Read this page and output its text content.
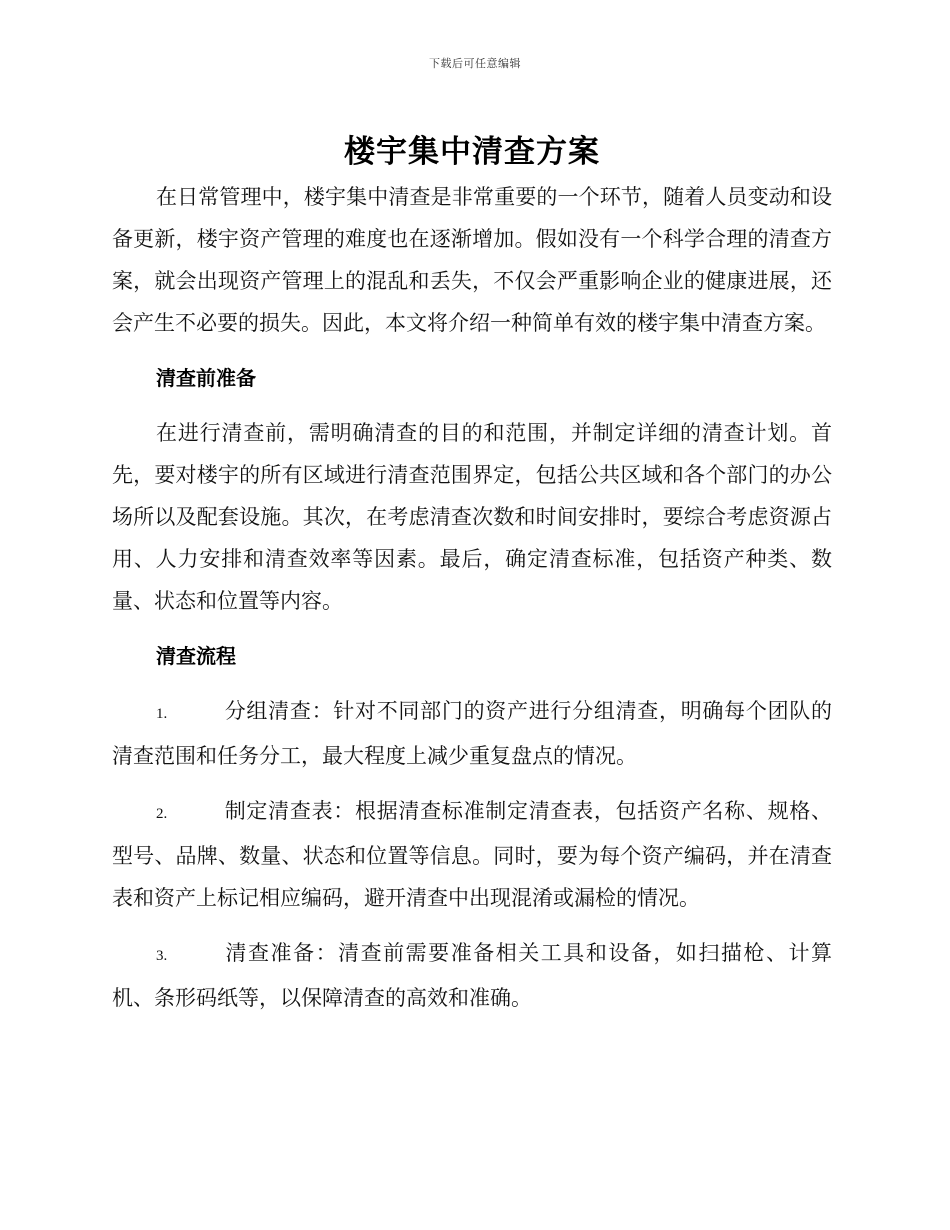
下载后可任意编辑
楼宇集中清查方案

在日常管理中，楼宇集中清查是非常重要的一个环节，随着人员变动和设备更新，楼宇资产管理的难度也在逐渐增加。假如没有一个科学合理的清查方案，就会出现资产管理上的混乱和丢失，不仅会严重影响企业的健康进展，还会产生不必要的损失。因此，本文将介绍一种简单有效的楼宇集中清查方案。

清查前准备

在进行清查前，需明确清查的目的和范围，并制定详细的清查计划。首先，要对楼宇的所有区域进行清查范围界定，包括公共区域和各个部门的办公场所以及配套设施。其次，在考虑清查次数和时间安排时，要综合考虑资源占用、人力安排和清查效率等因素。最后，确定清查标准，包括资产种类、数量、状态和位置等内容。

清查流程

1.	分组清查：针对不同部门的资产进行分组清查，明确每个团队的清查范围和任务分工，最大程度上减少重复盘点的情况。

2.	制定清查表：根据清查标准制定清查表，包括资产名称、规格、型号、品牌、数量、状态和位置等信息。同时，要为每个资产编码，并在清查表和资产上标记相应编码，避开清查中出现混淆或漏检的情况。

3.	清查准备：清查前需要准备相关工具和设备，如扫描枪、计算机、条形码纸等，以保障清查的高效和准确。
